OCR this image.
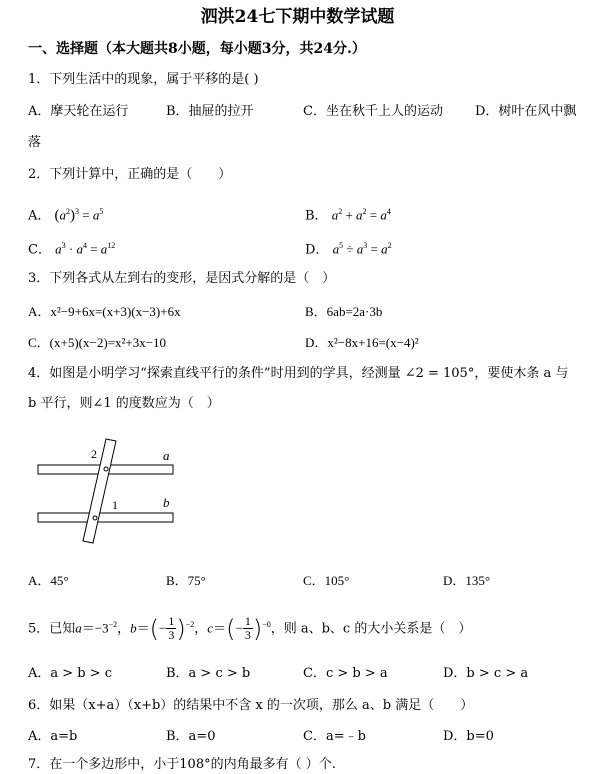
泗洪24七下期中数学试题
一、选择题（本大题共8小题，每小题3分，共24分.）
1．下列生活中的现象，属于平移的是( )
A．摩天轮在运行	B．抽屉的拉开	C．坐在秋千上人的运动 D．树叶在风中飘
落
2．下列计算中，正确的是（　　）
A． $(a^2)^3 = a^5$	B． $a^2 + a^2 = a^4$
C． $a^3 \cdot a^4 = a^{12}$	D． $a^5 \div a^3 = a^2$
3．下列各式从左到右的变形，是因式分解的是（　）
A．x²−9+6x=(x+3)(x−3)+6x	B．6ab=2a·3b
C．(x+5)(x−2)=x²+3x−10	D．x²−8x+16=(x−4)²
4．如图是小明学习“探索直线平行的条件”时用到的学具，经测量 ∠2 = 105°，要使木条 a 与
b 平行，则∠1 的度数应为（　）
2
1
a
b
A．45°	B．75°	C．105°	D．135°
5．已知$a=-3^{-2}$，$b=(- \frac{1}{3} )^{-2}$，$c=(- \frac{1}{3} )^{-0}$，则 a、b、c 的大小关系是（　）
A．a > b > c	B．a > c > b	C．c > b > a	D．b > c > a
6．如果（x+a）（x+b）的结果中不含 x 的一次项，那么 a、b 满足（　　）
A．a=b	B．a=0	C．a=﹣b	D．b=0
7．在一个多边形中，小于108°的内角最多有（ ）个.
